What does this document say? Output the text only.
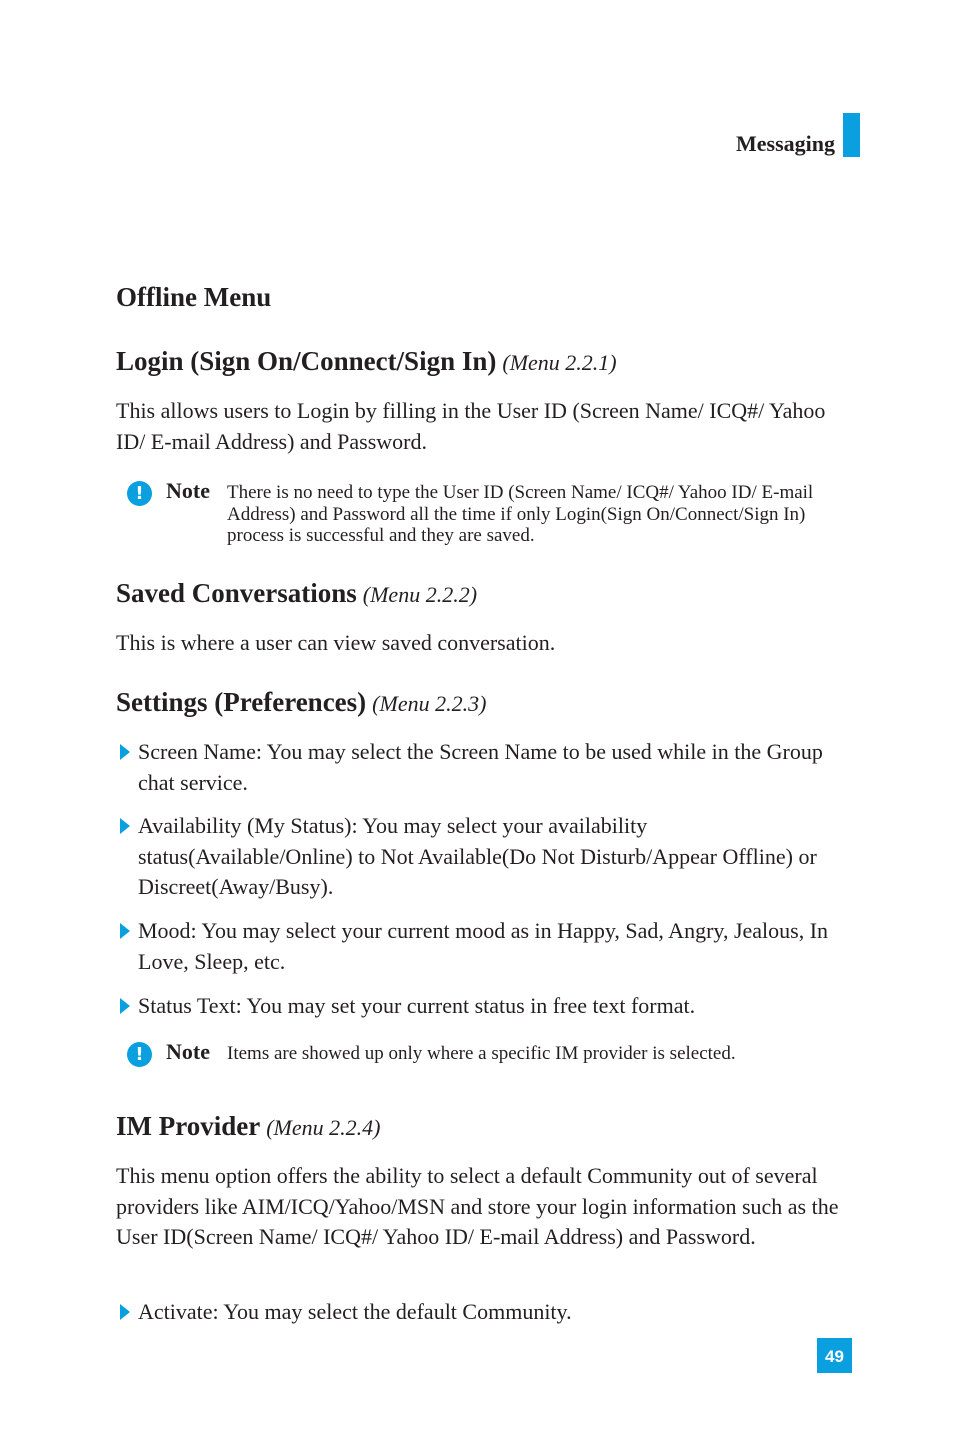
Messaging
Offline Menu
Login (Sign On/Connect/Sign In) (Menu 2.2.1)
This allows users to Login by filling in the User ID (Screen Name/ ICQ#/ Yahoo ID/ E-mail Address) and Password.
!	Note There is no need to type the User ID (Screen Name/ ICQ#/ Yahoo ID/ E-mail Address) and Password all the time if only Login(Sign On/Connect/Sign In) process is successful and they are saved.
Saved Conversations (Menu 2.2.2)
This is where a user can view saved conversation.
Settings (Preferences) (Menu 2.2.3)
Screen Name: You may select the Screen Name to be used while in the Group chat service.
Availability (My Status): You may select your availability status(Available/Online) to Not Available(Do Not Disturb/Appear Offline) or Discreet(Away/Busy).
Mood: You may select your current mood as in Happy, Sad, Angry, Jealous, In Love, Sleep, etc.
Status Text: You may set your current status in free text format.
!	Note Items are showed up only where a specific IM provider is selected.
IM Provider (Menu 2.2.4)
This menu option offers the ability to select a default Community out of several providers like AIM/ICQ/Yahoo/MSN and store your login information such as the User ID(Screen Name/ ICQ#/ Yahoo ID/ E-mail Address) and Password.
Activate: You may select the default Community.
49
